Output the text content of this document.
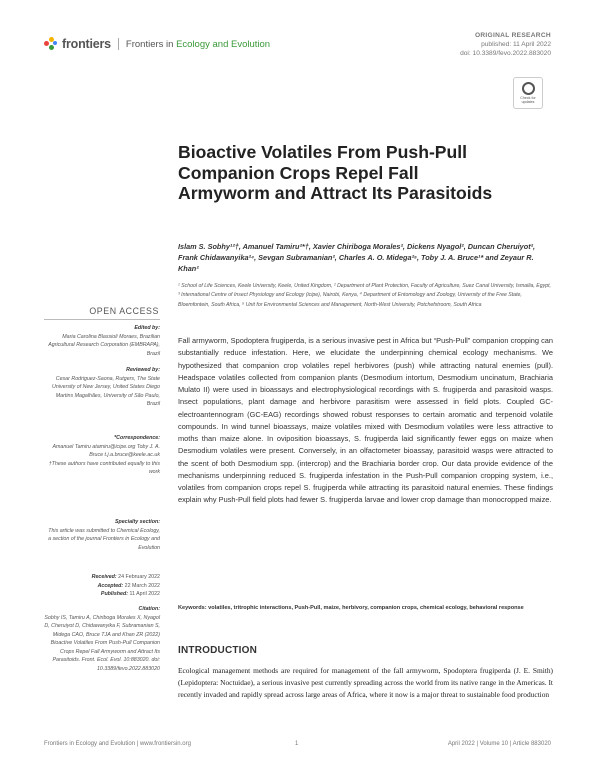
frontiers Frontiers in Ecology and Evolution
ORIGINAL RESEARCH
published: 11 April 2022
doi: 10.3389/fevo.2022.883020
Check for updates
Bioactive Volatiles From Push-Pull Companion Crops Repel Fall Armyworm and Attract Its Parasitoids
Islam S. Sobhy¹²†, Amanuel Tamiru²*†, Xavier Chiriboga Morales², Dickens Nyagol², Duncan Cheruiyot², Frank Chidawanyika²⁴, Sevgan Subramanian², Charles A. O. Midega²⁵, Toby J. A. Bruce¹* and Zeyaur R. Khan²
¹ School of Life Sciences, Keele University, Keele, United Kingdom, ² Department of Plant Protection, Faculty of Agriculture, Suez Canal University, Ismailia, Egypt, ³ International Centre of Insect Physiology and Ecology (icipe), Nairobi, Kenya, ⁴ Department of Entomology and Zoology, University of the Free State, Bloemfontein, South Africa, ⁵ Unit for Environmental Sciences and Management, North-West University, Potchefstroom, South Africa
OPEN ACCESS
Edited by:
Maria Carolina Blassioli Moraes, Brazilian Agricultural Research Corporation (EMBRAPA), Brazil
Reviewed by:
Cesar Rodriguez-Saona, Rutgers, The State University of New Jersey, United States Diego Martins Magalhães, University of São Paulo, Brazil
*Correspondence:
Amanuel Tamiru atamiru@icipe.org Toby J. A. Bruce t.j.a.bruce@keele.ac.uk
†These authors have contributed equally to this work
Specialty section:
This article was submitted to Chemical Ecology, a section of the journal Frontiers in Ecology and Evolution
Received: 24 February 2022
Accepted: 22 March 2022
Published: 11 April 2022
Citation:
Sobhy IS, Tamiru A, Chiriboga Morales X, Nyagol D, Cheruiyot D, Chidawanyika F, Subramanian S, Midega CAO, Bruce TJA and Khan ZR (2022) Bioactive Volatiles From Push-Pull Companion Crops Repel Fall Armyworm and Attract Its Parasitoids. Front. Ecol. Evol. 10:883020. doi: 10.3389/fevo.2022.883020
Fall armyworm, Spodoptera frugiperda, is a serious invasive pest in Africa but “Push-Pull” companion cropping can substantially reduce infestation. Here, we elucidate the underpinning chemical ecology mechanisms. We hypothesized that companion crop volatiles repel herbivores (push) while attracting natural enemies (pull). Headspace volatiles collected from companion plants (Desmodium intortum, Desmodium uncinatum, Brachiaria Mulato II) were used in bioassays and electrophysiological recordings with S. frugiperda and parasitoid wasps. Insect populations, plant damage and herbivore parasitism were assessed in field plots. Coupled GC-electroantennogram (GC-EAG) recordings showed robust responses to certain aromatic and terpenoid volatile compounds. In wind tunnel bioassays, maize volatiles mixed with Desmodium volatiles were less attractive to moths than maize alone. In oviposition bioassays, S. frugiperda laid significantly fewer eggs on maize when Desmodium volatiles were present. Conversely, in an olfactometer bioassay, parasitoid wasps were attracted to the scent of both Desmodium spp. (intercrop) and the Brachiaria border crop. Our data provide evidence of the mechanisms underpinning reduced S. frugiperda infestation in the Push-Pull companion cropping system, i.e., volatiles from companion crops repel S. frugiperda while attracting its parasitoid natural enemies. These findings explain why Push-Pull field plots had fewer S. frugiperda larvae and lower crop damage than monocropped maize.
Keywords: volatiles, tritrophic interactions, Push-Pull, maize, herbivory, companion crops, chemical ecology, behavioral response
INTRODUCTION
Ecological management methods are required for management of the fall armyworm, Spodoptera frugiperda (J. E. Smith) (Lepidoptera: Noctuidae), a serious invasive pest currently spreading across the world from its native range in the Americas. It recently invaded and rapidly spread across large areas of Africa, where it now is a major threat to sustainable food production
Frontiers in Ecology and Evolution | www.frontiersin.org	1	April 2022 | Volume 10 | Article 883020
